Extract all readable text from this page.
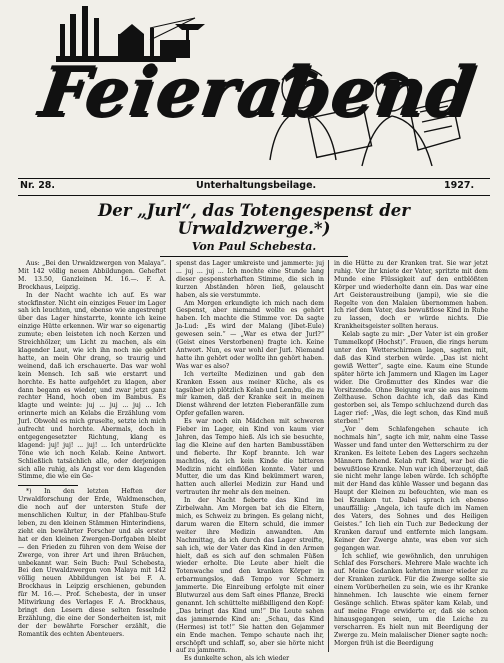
Feierabend
Nr. 28.	Unterhaltungsbeilage.	1927.
Der „Jurl“, das Totengespenst der
Urwaldzwerge.*)
Von Paul Schebesta.

Aus: „Bei den Urwaldzwergen von Malaya“. Mit 142 völlig neuen Abbildungen. Geheftet M. 13.50, Ganzleinen M. 16.—. F. A. Brockhaus, Leipzig.

In der Nacht wachte ich auf. Es war stockfinster. Nicht ein einziges Feuer im Lager sah ich leuchten, und, ebenso wie angestrengt über das Lager hinstarrte, konnte ich keine einzige Hütte erkennen. Wir war so eigenartig zumute; eben leisteten ich noch Kerzen und Streichhölzer, um Licht zu machen, als ein klagender Laut, wie ich ihn noch nie gehört hatte, an mein Ohr drang, so traurig und weinend, daß ich erschauerte. Das war wohl kein Mensch. Ich saß wie erstarrt und horchte. Es hatte aufgehört zu klagen, aber dann begann es wieder, und zwar jetzt ganz rechter Hand, hoch oben im Bambus. Es klagte und weinte: juj ... juj ... juj ... Ich erinnerte mich an Kelabs die Erzählung vom Jurl. Obwohl es mich gruselte, setzte ich mich aufrecht und horchte. Abermals, doch in entgegengesetzter Richtung, klang es klagend: juj! juj! ... juj! ... Ich unterdrückte Töne wie ich noch Kelab. Keine Antwort. Schließlich tatsächlich alle, oder derjenigen sich alle ruhig, als Angst vor dem klagenden Stimme, die wie ein Ge-

*) In den letzten Heften der Urwaldforschung der Erde, Waldmenschen, die noch auf der untersten Stufe der menschlichen Kultur, in der Pfahlbau-Stufe leben, zu den kleinen Stämmen Hinterindiens, zieht ein bewährter Forscher und als erster hat er den kleinen Zwergen-Dorfgaben bleibt — den Frieden zu führen von dem Weise der Zwerge, von ihrer Art und ihren Bräuchen, unbekannt war. Sein Buch: Paul Schebesta, Bei den Urwaldzwergen von Malaya mit 142 völlig neuen Abbildungen ist bei F. A. Brockhaus in Leipzig erschienen, gebunden für M. 16.—. Prof. Schebesta, der in unser Mitwirkung des Verlages F. A. Brockhaus, bringt den Lesern diese selten fesselnde Erzählung, die eine der Sonderheiten ist, mit der der bewährte Forscher erzählt, die Romantik des echten Abenteuers.

spenst das Lager umkreiste und jammerte: juj ... juj ... juj ... Ich mochte eine Stunde lang dieser gespensterhaften Stimme, die sich in kurzen Abständen hören ließ, gelauscht haben, als sie verstummte.

Am Morgen erkundigte ich mich nach dem Gespenst, aber niemand wollte es gehört haben. Ich machte die Stimme vor. Da sagte Ja-Lud: „Es wird der Malang (Jibet-Eule) gewesen sein.“ — „War es etwa der Jurl?“ (Geist eines Verstorbenen) fragte ich. Keine Antwort. Nun, es war wohl der Jurl. Niemand hatte ihn gehört oder wollte ihn gehört haben. Was war es also?

Ich verteilte Medizinen und gab den Kranken Essen aus meiner Küche, als es tagsüber ich plötzlich Kelab und Lembu, die zu mir kamen, daß der Kranke seit in meinen Dienst während der letzten Fieberanfälle zum Opfer gefallen waren.

Es war noch ein Mädchen mit schweren Fieber im Lager, ein Kind von kaum vier Jahren, das Tempo hieß. Als ich sie besuchte, lag die Kleine auf den harten Bambusstäben und fieberte. Ihr Kopf brannte. Ich war machtlos, da ich kein Kinde die bitteren Medizin nicht einflößen konnte. Vater und Mutter, die um das Kind bekümmert waren, hatten auch allerlei Medizin zur Hand und vertrauten ihr mehr als den meinen.

In der Nacht fieberte das Kind im Zirbelwahn. Am Morgen bat ich die Eltern, mich, es Schweiz zu bringen. Es gelang nicht, darum waren die Eltern schuld, die immer weiter ihre Medizin anwandten. Am Nachmittag, da ich durch das Lager streifte, sah ich, wie der Vater das Kind in den Armen hielt, daß es sich auf den schmalen Füßen wieder erholte. Die Leute aber hielt die Totenwache und den kranken Körper in erbarmungslos, daß Tempo vor Schmerz jammerte. Die Einreibung erfolgte mit einer Blutwurzel aus dem Saft eines Pflanze, Brecki genannt. Ich schüttelte mißbilligend den Kopf: „Das bringt das Kind um!“ Die Leute sahen das jammernde Kind an: „Schau, das Kind (Hermes) ist tot!“ Sie hatten den Gejammer ein Ende machen. Tempo schaute nach ihr, erschöpft und schlaff, so, aber sie hörte nicht auf zu jammern.

Es dunkelte schon, als ich wieder

in die Hütte zu der Kranken trat. Sie war jetzt ruhig. Vor ihr kniete der Vater, spritzte mit dem Munde eine Flüssigkeit auf den entblößten Körper und wiederholte dann ein. Das war eine Art Geisteraustreibung (jampi), wie sie die Regelte von den Malaien übernommen haben. Ich rief dem Vater, das bewußtlose Kind in Ruhe zu lassen, doch er würde nichts. Die Krankheitsgeister sollten heraus.

Kelab sagte zu mir: „Der Vater ist ein großer Tummelkopf (Hochst)“. Frauen, die rings herum unter den Wetterschirmen lagen, sagten mit, daß das Kind sterben würde. „Das ist nicht gewiß Wetter“, sagte eine. Kaum eine Stunde später hörte ich Jammern und Klagen im Lager wider. Die Großmutter des Kindes war die Vorsitzende. Ohne Beigung war sie aus meinem Zelthause. Schon dachte ich, daß das Kind gestorben sei, als Tempo schluchzend durch das Lager rief: „Was, die legt schon, das Kind muß sterben!“

„Vor dem Schlafengehen schaute ich nochmals hin“, sagte ich mir, nahm eine Tasse Wasser und fand unter den Wetterschirm zu der Kranken. Es leitete Leben des Lagers sechzehn Männern flehend. Kelab ruft Kind, war bei die bewußtlose Kranke. Nun war ich überzeugt, daß sie nicht mehr lange leben würde. Ich schöpfte mit der Hand das kühle Wasser und begann das Haupt der Kleinen zu befeuchten, wie man es bei Kranken tut. Dabei sprach ich ebenso unauffällig: „Angela, ich taufe dich im Namen des Vaters, des Sohnes und des Heiligen Geistes.“ Ich lieh ein Tuch zur Bedeckung der Kranken darauf und entfernte mich langsam. Keiner der Zwerge ahnte, was eben vor sich gegangen war.

Ich schlief, wie gewöhnlich, den unruhigen Schlaf des Forschers. Mehrere Male wachte ich auf. Meine Gedanken kehrten immer wieder zu der Kranken zurück. Für die Zwerge sollte sie einem Vorüberheilen zu sein, wie es ihr Kranke hinnehmen. Ich lauschte wie einem ferner Gesänge schlich. Etwas später kam Kelab, und auf meine Frage erwiderte er, daß sie schon hinausgegangen seien, um die Leiche zu verscharren. Es hielt nun mit Beerdigung der Zwerge zu. Mein malaiischer Diener sagte noch: Morgen früh ist die Beerdigung
